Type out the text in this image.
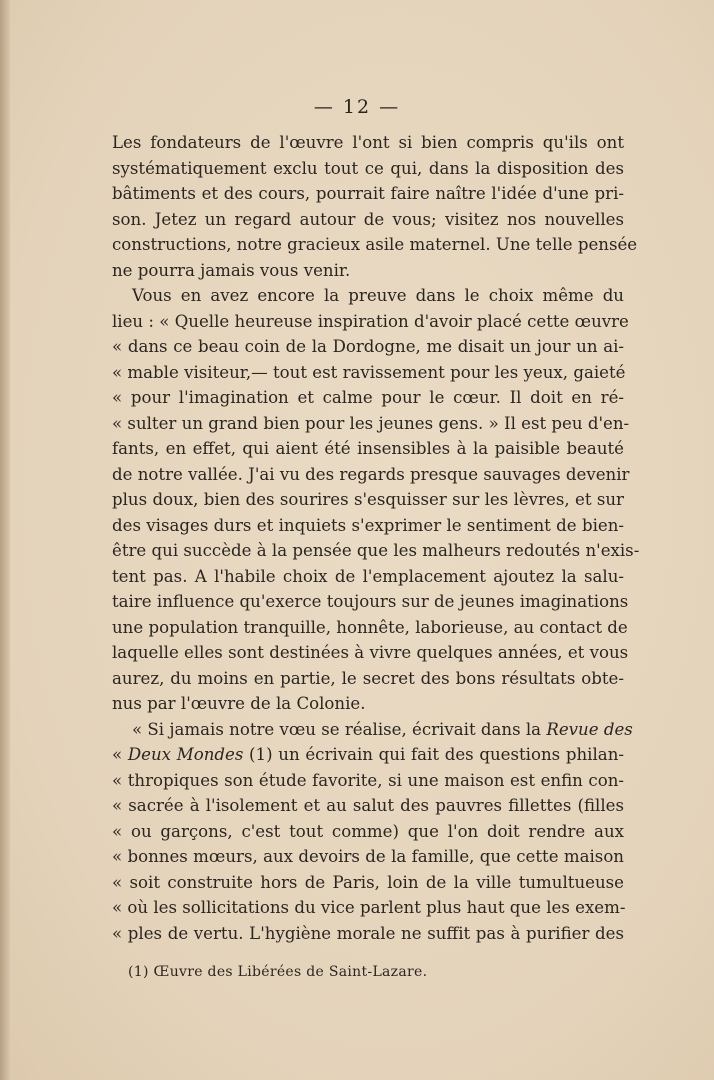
— 12 —
Les fondateurs de l'œuvre l'ont si bien compris qu'ils ont
systématiquement exclu tout ce qui, dans la disposition des
bâtiments et des cours, pourrait faire naître l'idée d'une pri-
son. Jetez un regard autour de vous; visitez nos nouvelles
constructions, notre gracieux asile maternel. Une telle pensée
ne pourra jamais vous venir.
Vous en avez encore la preuve dans le choix même du
lieu : « Quelle heureuse inspiration d'avoir placé cette œuvre
« dans ce beau coin de la Dordogne, me disait un jour un ai-
« mable visiteur,— tout est ravissement pour les yeux, gaieté
« pour l'imagination et calme pour le cœur. Il doit en ré-
« sulter un grand bien pour les jeunes gens. » Il est peu d'en-
fants, en effet, qui aient été insensibles à la paisible beauté
de notre vallée. J'ai vu des regards presque sauvages devenir
plus doux, bien des sourires s'esquisser sur les lèvres, et sur
des visages durs et inquiets s'exprimer le sentiment de bien-
être qui succède à la pensée que les malheurs redoutés n'exis-
tent pas. A l'habile choix de l'emplacement ajoutez la salu-
taire influence qu'exerce toujours sur de jeunes imaginations
une population tranquille, honnête, laborieuse, au contact de
laquelle elles sont destinées à vivre quelques années, et vous
aurez, du moins en partie, le secret des bons résultats obte-
nus par l'œuvre de la Colonie.
« Si jamais notre vœu se réalise, écrivait dans la Revue des
« Deux Mondes (1) un écrivain qui fait des questions philan-
« thropiques son étude favorite, si une maison est enfin con-
« sacrée à l'isolement et au salut des pauvres fillettes (filles
« ou garçons, c'est tout comme) que l'on doit rendre aux
« bonnes mœurs, aux devoirs de la famille, que cette maison
« soit construite hors de Paris, loin de la ville tumultueuse
« où les sollicitations du vice parlent plus haut que les exem-
« ples de vertu. L'hygiène morale ne suffit pas à purifier des
(1) Œuvre des Libérées de Saint-Lazare.
